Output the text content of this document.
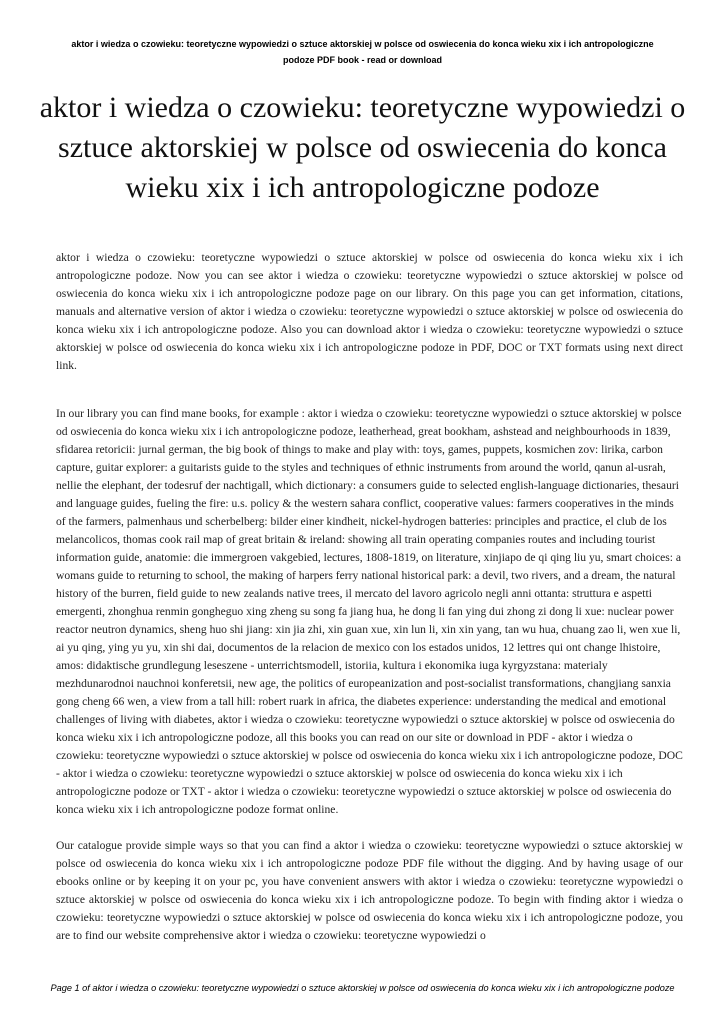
aktor i wiedza o czowieku: teoretyczne wypowiedzi o sztuce aktorskiej w polsce od oswiecenia do konca wieku xix i ich antropologiczne
podoze PDF book - read or download
aktor i wiedza o czowieku: teoretyczne wypowiedzi o sztuce aktorskiej w polsce od oswiecenia do konca wieku xix i ich antropologiczne podoze

aktor i wiedza o czowieku: teoretyczne wypowiedzi o sztuce aktorskiej w polsce od oswiecenia do konca wieku xix i ich antropologiczne podoze. Now you can see aktor i wiedza o czowieku: teoretyczne wypowiedzi o sztuce aktorskiej w polsce od oswiecenia do konca wieku xix i ich antropologiczne podoze page on our library. On this page you can get information, citations, manuals and alternative version of aktor i wiedza o czowieku: teoretyczne wypowiedzi o sztuce aktorskiej w polsce od oswiecenia do konca wieku xix i ich antropologiczne podoze. Also you can download aktor i wiedza o czowieku: teoretyczne wypowiedzi o sztuce aktorskiej w polsce od oswiecenia do konca wieku xix i ich antropologiczne podoze in PDF, DOC or TXT formats using next direct link.

In our library you can find mane books, for example : aktor i wiedza o czowieku: teoretyczne wypowiedzi o sztuce aktorskiej w polsce od oswiecenia do konca wieku xix i ich antropologiczne podoze, leatherhead, great bookham, ashstead and neighbourhoods in 1839, sfidarea retoricii: jurnal german, the big book of things to make and play with: toys, games, puppets, kosmichen zov: lirika, carbon capture, guitar explorer: a guitarists guide to the styles and techniques of ethnic instruments from around the world, qanun al-usrah, nellie the elephant, der todesruf der nachtigall, which dictionary: a consumers guide to selected english-language dictionaries, thesauri and language guides, fueling the fire: u.s. policy & the western sahara conflict, cooperative values: farmers cooperatives in the minds of the farmers, palmenhaus und scherbelberg: bilder einer kindheit, nickel-hydrogen batteries: principles and practice, el club de los melancolicos, thomas cook rail map of great britain & ireland: showing all train operating companies routes and including tourist information guide, anatomie: die immergroen vakgebied, lectures, 1808-1819, on literature, xinjiapo de qi qing liu yu, smart choices: a womans guide to returning to school, the making of harpers ferry national historical park: a devil, two rivers, and a dream, the natural history of the burren, field guide to new zealands native trees, il mercato del lavoro agricolo negli anni ottanta: struttura e aspetti emergenti, zhonghua renmin gongheguo xing zheng su song fa jiang hua, he dong li fan ying dui zhong zi dong li xue: nuclear power reactor neutron dynamics, sheng huo shi jiang: xin jia zhi, xin guan xue, xin lun li, xin xin yang, tan wu hua, chuang zao li, wen xue li, ai yu qing, ying yu yu, xin shi dai, documentos de la relacion de mexico con los estados unidos, 12 lettres qui ont change lhistoire, amos: didaktische grundlegung leseszene - unterrichtsmodell, istoriia, kultura i ekonomika iuga kyrgyzstana: materialy mezhdunarodnoi nauchnoi konferetsii, new age, the politics of europeanization and post-socialist transformations, changjiang sanxia gong cheng 66 wen, a view from a tall hill: robert ruark in africa, the diabetes experience: understanding the medical and emotional challenges of living with diabetes, aktor i wiedza o czowieku: teoretyczne wypowiedzi o sztuce aktorskiej w polsce od oswiecenia do konca wieku xix i ich antropologiczne podoze, all this books you can read on our site or download in PDF - aktor i wiedza o czowieku: teoretyczne wypowiedzi o sztuce aktorskiej w polsce od oswiecenia do konca wieku xix i ich antropologiczne podoze, DOC - aktor i wiedza o czowieku: teoretyczne wypowiedzi o sztuce aktorskiej w polsce od oswiecenia do konca wieku xix i ich antropologiczne podoze or TXT - aktor i wiedza o czowieku: teoretyczne wypowiedzi o sztuce aktorskiej w polsce od oswiecenia do konca wieku xix i ich antropologiczne podoze format online.

Our catalogue provide simple ways so that you can find a aktor i wiedza o czowieku: teoretyczne wypowiedzi o sztuce aktorskiej w polsce od oswiecenia do konca wieku xix i ich antropologiczne podoze PDF file without the digging. And by having usage of our ebooks online or by keeping it on your pc, you have convenient answers with aktor i wiedza o czowieku: teoretyczne wypowiedzi o sztuce aktorskiej w polsce od oswiecenia do konca wieku xix i ich antropologiczne podoze. To begin with finding aktor i wiedza o czowieku: teoretyczne wypowiedzi o sztuce aktorskiej w polsce od oswiecenia do konca wieku xix i ich antropologiczne podoze, you are to find our website comprehensive aktor i wiedza o czowieku: teoretyczne wypowiedzi o

Page 1 of aktor i wiedza o czowieku: teoretyczne wypowiedzi o sztuce aktorskiej w polsce od oswiecenia do konca wieku xix i ich antropologiczne podoze
